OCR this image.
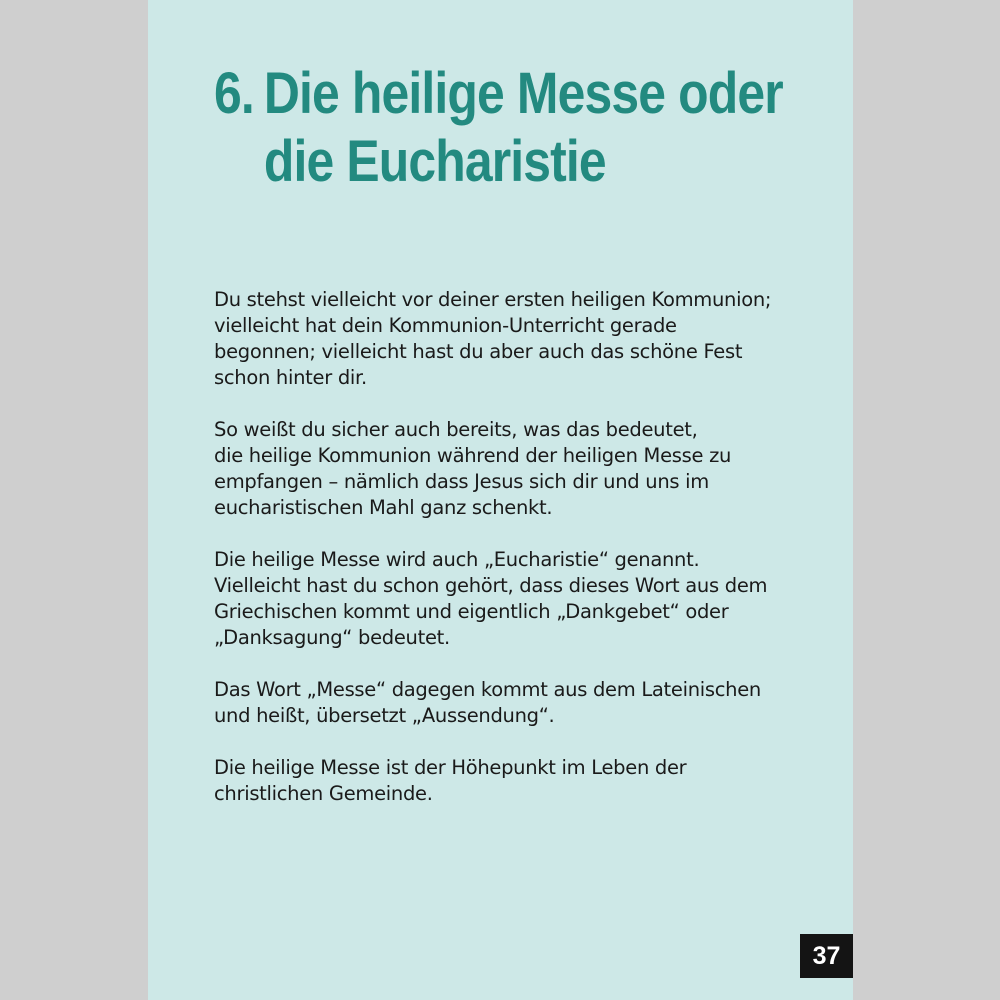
6. Die heilige Messe oder
die Eucharistie

Du stehst vielleicht vor deiner ersten heiligen Kommunion;
vielleicht hat dein Kommunion-Unterricht gerade
begonnen; vielleicht hast du aber auch das schöne Fest
schon hinter dir.

So weißt du sicher auch bereits, was das bedeutet,
die heilige Kommunion während der heiligen Messe zu
empfangen – nämlich dass Jesus sich dir und uns im
eucharistischen Mahl ganz schenkt.

Die heilige Messe wird auch „Eucharistie“ genannt.
Vielleicht hast du schon gehört, dass dieses Wort aus dem
Griechischen kommt und eigentlich „Dankgebet“ oder
„Danksagung“ bedeutet.

Das Wort „Messe“ dagegen kommt aus dem Lateinischen
und heißt, übersetzt „Aussendung“.

Die heilige Messe ist der Höhepunkt im Leben der
christlichen Gemeinde.

37
